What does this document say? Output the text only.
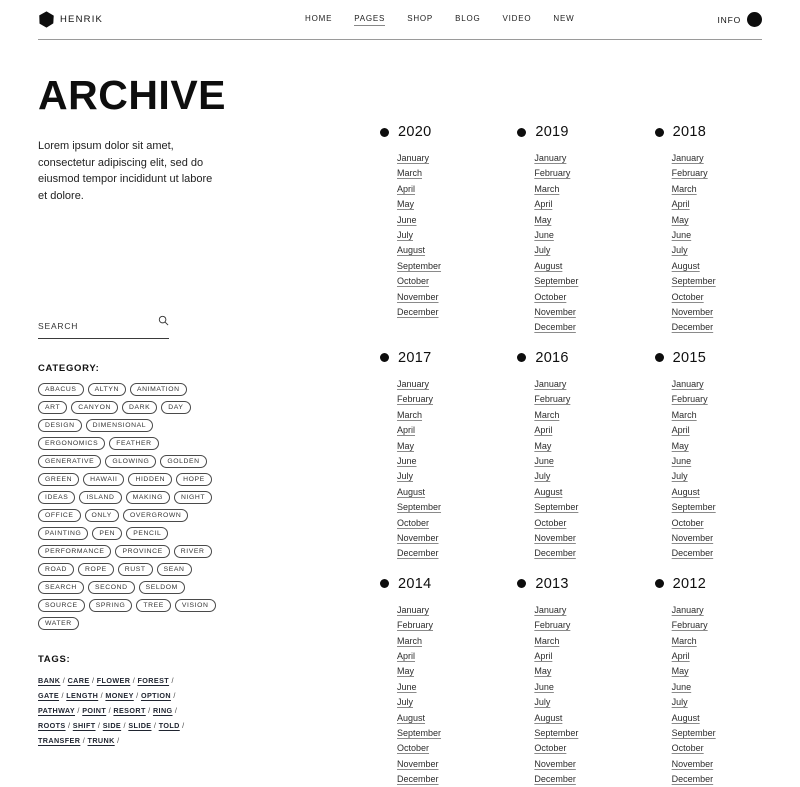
HENRIK	HOME	PAGES	SHOP	BLOG	VIDEO	NEW	INFO
ARCHIVE

Lorem ipsum dolor sit amet, consectetur adipiscing elit, sed do eiusmod tempor incididunt ut labore et dolore.

SEARCH
CATEGORY:
ABACUS	ALTYN	ANIMATION
ART	CANYON	DARK	DAY
DESIGN	DIMENSIONAL
ERGONOMICS	FEATHER
GENERATIVE	GLOWING	GOLDEN
GREEN	HAWAII	HIDDEN	HOPE
IDEAS	ISLAND	MAKING	NIGHT
OFFICE	ONLY	OVERGROWN
PAINTING	PEN	PENCIL
PERFORMANCE	PROVINCE	RIVER
ROAD	ROPE	RUST	SEAN
SEARCH	SECOND	SELDOM
SOURCE	SPRING	TREE	VISION
WATER
TAGS:
BANK / CARE / FLOWER / FOREST / GATE / LENGTH / MONEY / OPTION / PATHWAY / POINT / RESORT / RING / ROOTS / SHIFT / SIDE / SLIDE / TOLD / TRANSFER / TRUNK /
2020
January
March
April
May
June
July
August
September
October
November
December
2019
January
February
March
April
May
June
July
August
September
October
November
December
2018
January
February
March
April
May
June
July
August
September
October
November
December
2017
January
February
March
April
May
June
July
August
September
October
November
December
2016
January
February
March
April
May
June
July
August
September
October
November
December
2015
January
February
March
April
May
June
July
August
September
October
November
December
2014
January
February
March
April
May
June
July
August
September
October
November
December
2013
January
February
March
April
May
June
July
August
September
October
November
December
2012
January
February
March
April
May
June
July
August
September
October
November
December
